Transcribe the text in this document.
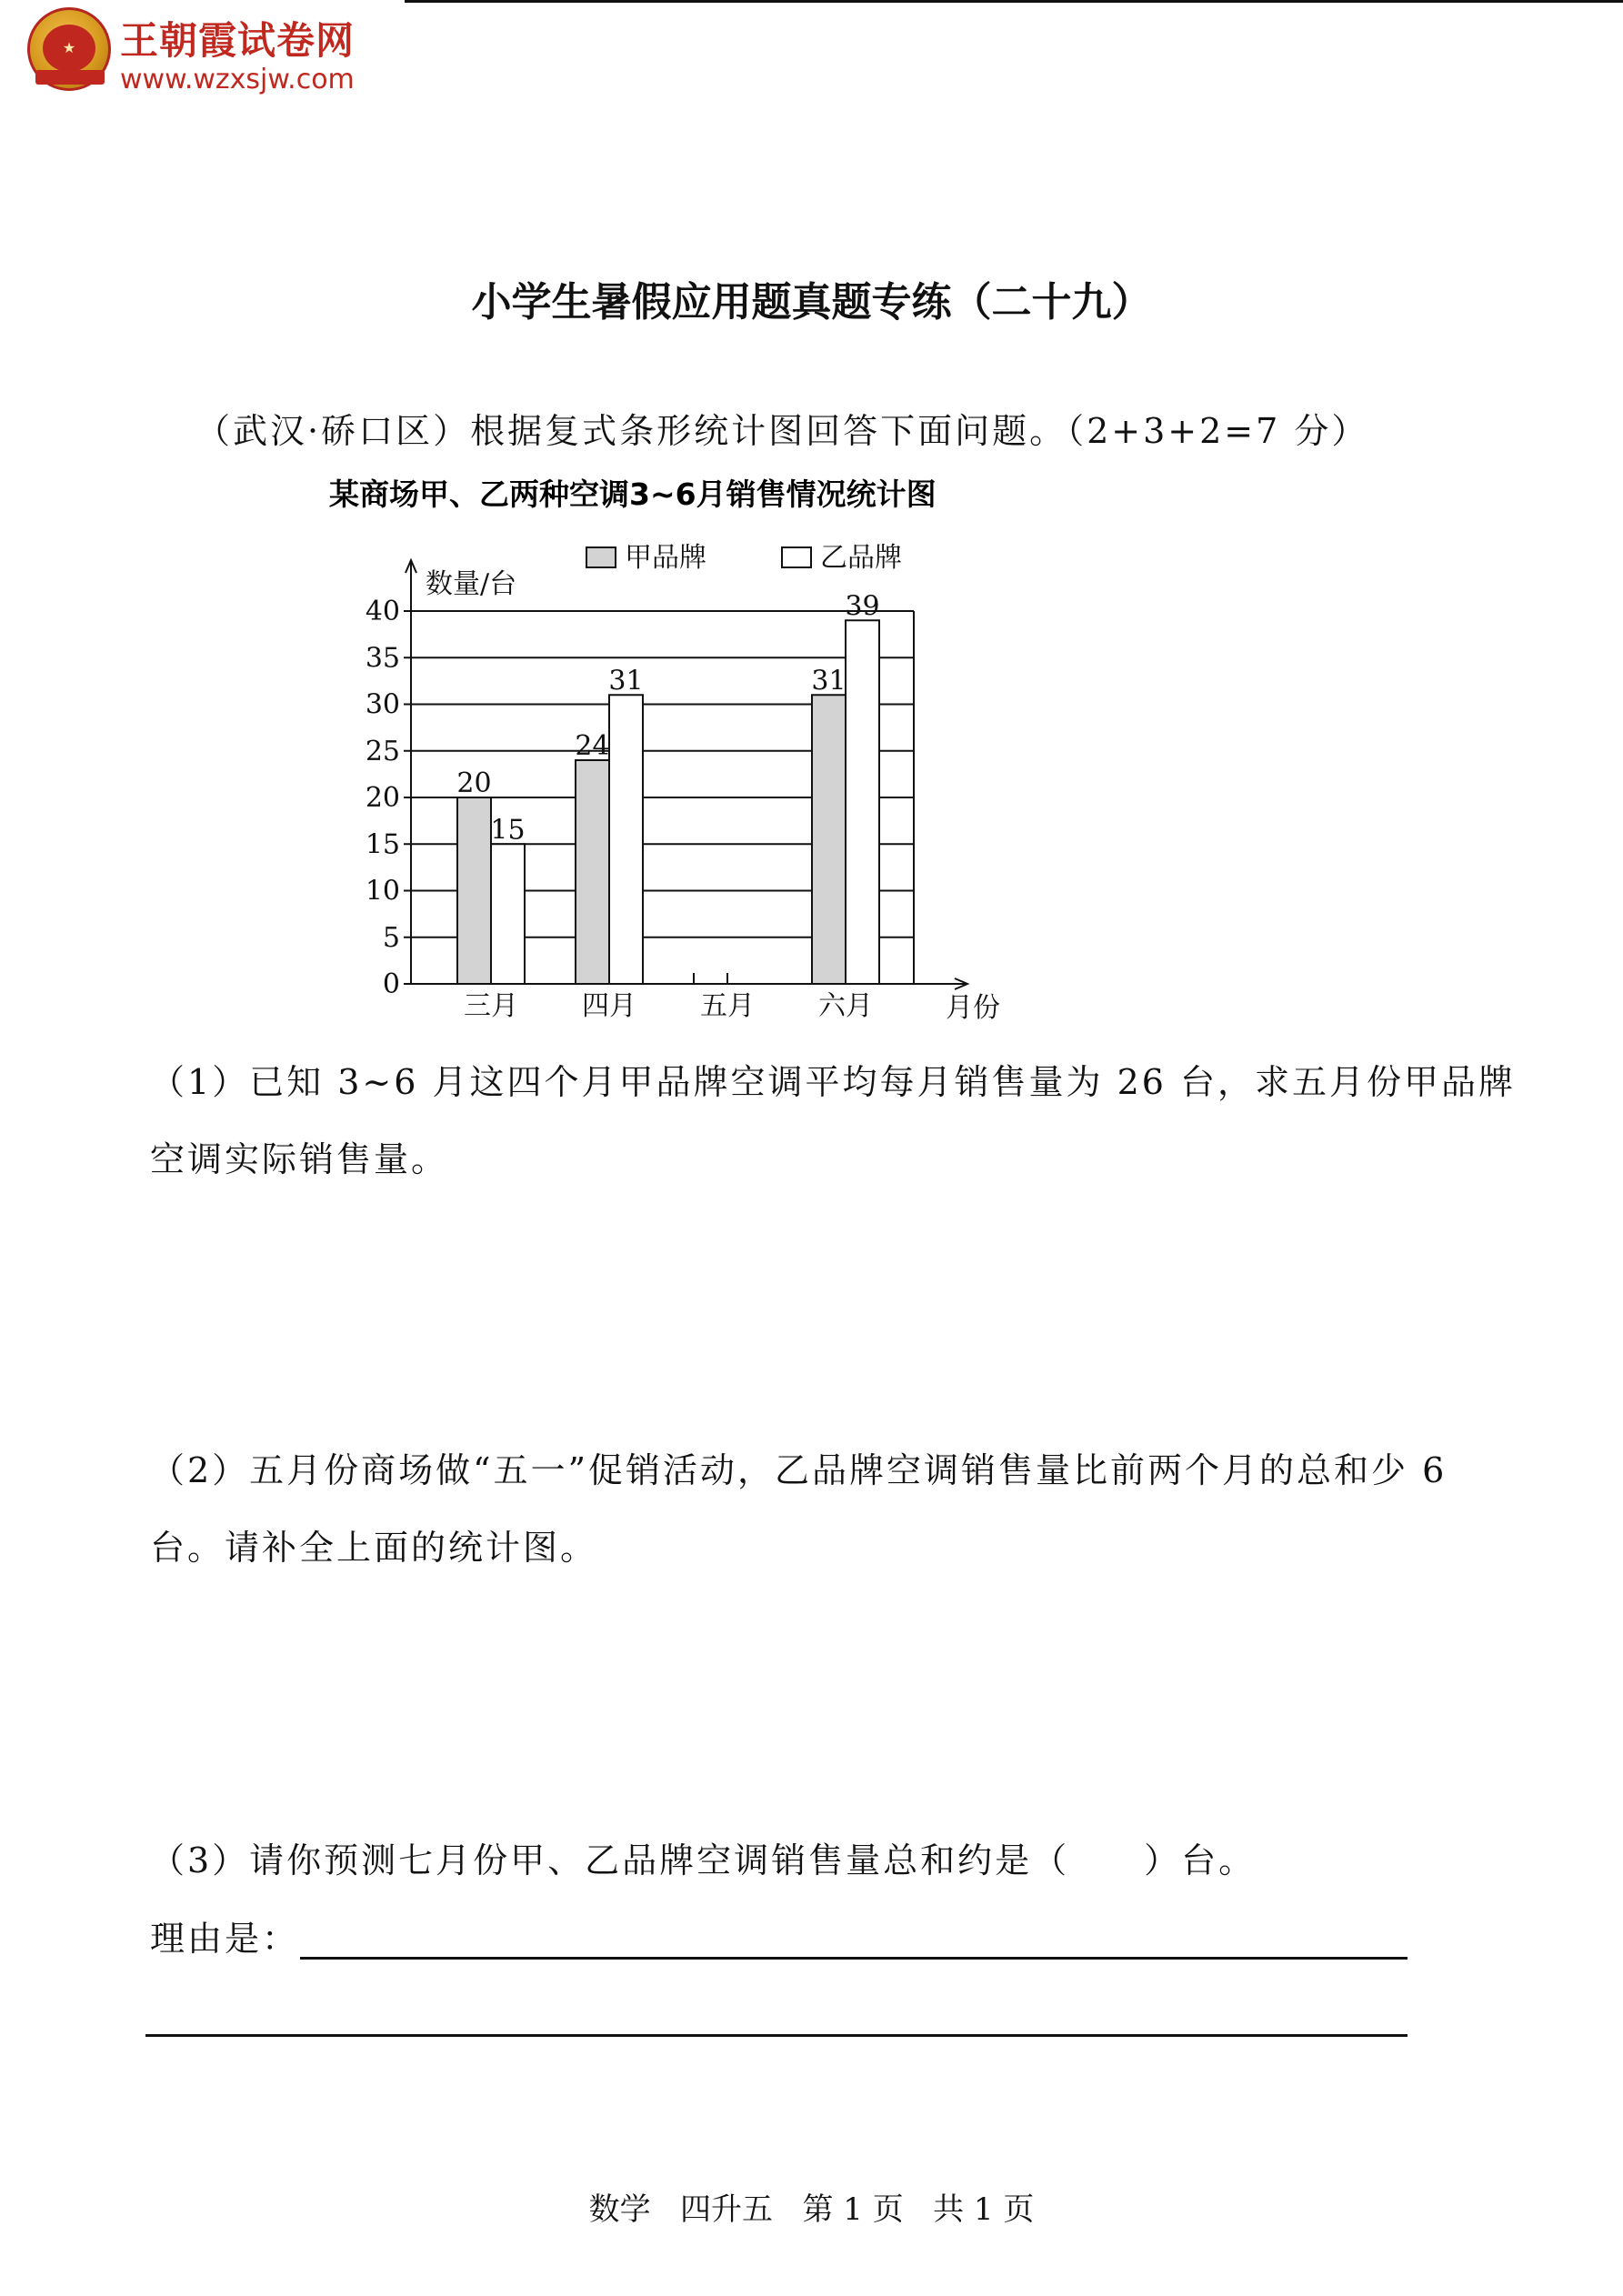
★	王朝霞试卷网
www.wzxsjw.com
小学生暑假应用题真题专练（二十九）
（武汉·硚口区）根据复式条形统计图回答下面问题。（2+3+2=7 分）
某商场甲、乙两种空调3~6月销售情况统计图
甲品牌	乙品牌
数量/台
月份
0
5
10
15
20
25
30
35
40
20
15
三月
24
31
四月 五月
31
39
六月
（1）已知 3~6 月这四个月甲品牌空调平均每月销售量为 26 台，求五月份甲品牌
空调实际销售量。
（2）五月份商场做“五一”促销活动，乙品牌空调销售量比前两个月的总和少 6
台。请补全上面的统计图。
（3）请你预测七月份甲、乙品牌空调销售量总和约是（　　）台。
理由是：
数学   四升五   第 1 页   共 1 页
